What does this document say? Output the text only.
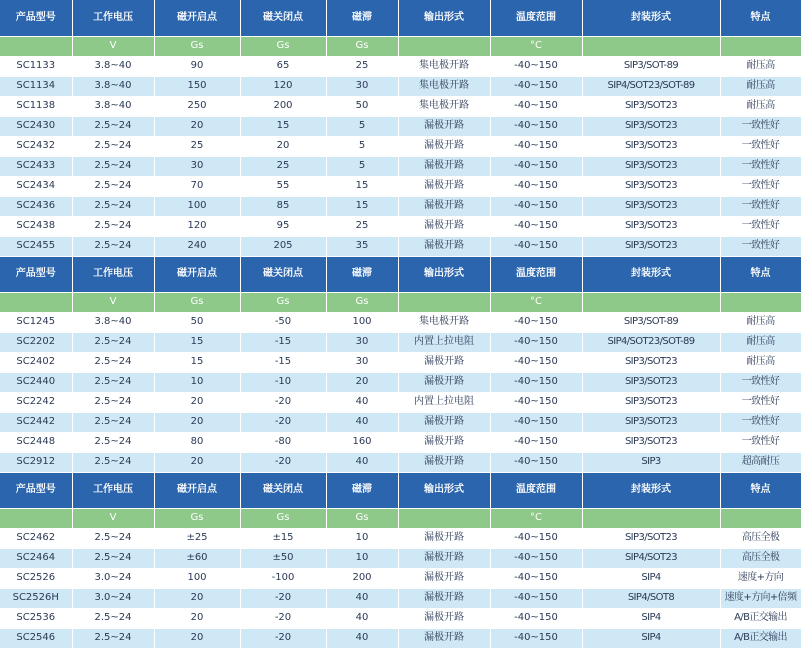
产品型号	工作电压	磁开启点	磁关闭点	磁滞	输出形式	温度范围	封装形式	特点
	V	Gs	Gs	Gs		°C		
SC1133	3.8~40	90	65	25	集电极开路	-40~150	SIP3/SOT-89	耐压高
SC1134	3.8~40	150	120	30	集电极开路	-40~150	SIP4/SOT23/SOT-89	耐压高
SC1138	3.8~40	250	200	50	集电极开路	-40~150	SIP3/SOT23	耐压高
SC2430	2.5~24	20	15	5	漏极开路	-40~150	SIP3/SOT23	一致性好
SC2432	2.5~24	25	20	5	漏极开路	-40~150	SIP3/SOT23	一致性好
SC2433	2.5~24	30	25	5	漏极开路	-40~150	SIP3/SOT23	一致性好
SC2434	2.5~24	70	55	15	漏极开路	-40~150	SIP3/SOT23	一致性好
SC2436	2.5~24	100	85	15	漏极开路	-40~150	SIP3/SOT23	一致性好
SC2438	2.5~24	120	95	25	漏极开路	-40~150	SIP3/SOT23	一致性好
SC2455	2.5~24	240	205	35	漏极开路	-40~150	SIP3/SOT23	一致性好
产品型号	工作电压	磁开启点	磁关闭点	磁滞	输出形式	温度范围	封装形式	特点
	V	Gs	Gs	Gs		°C		
SC1245	3.8~40	50	-50	100	集电极开路	-40~150	SIP3/SOT-89	耐压高
SC2202	2.5~24	15	-15	30	内置上拉电阻	-40~150	SIP4/SOT23/SOT-89	耐压高
SC2402	2.5~24	15	-15	30	漏极开路	-40~150	SIP3/SOT23	耐压高
SC2440	2.5~24	10	-10	20	漏极开路	-40~150	SIP3/SOT23	一致性好
SC2242	2.5~24	20	-20	40	内置上拉电阻	-40~150	SIP3/SOT23	一致性好
SC2442	2.5~24	20	-20	40	漏极开路	-40~150	SIP3/SOT23	一致性好
SC2448	2.5~24	80	-80	160	漏极开路	-40~150	SIP3/SOT23	一致性好
SC2912	2.5~24	20	-20	40	漏极开路	-40~150	SIP3	超高耐压
产品型号	工作电压	磁开启点	磁关闭点	磁滞	输出形式	温度范围	封装形式	特点
	V	Gs	Gs	Gs		°C		
SC2462	2.5~24	±25	±15	10	漏极开路	-40~150	SIP3/SOT23	高压全极
SC2464	2.5~24	±60	±50	10	漏极开路	-40~150	SIP4/SOT23	高压全极
SC2526	3.0~24	100	-100	200	漏极开路	-40~150	SIP4	速度+方向
SC2526H	3.0~24	20	-20	40	漏极开路	-40~150	SIP4/SOT8	速度+方向+倍频
SC2536	2.5~24	20	-20	40	漏极开路	-40~150	SIP4	A/B正交输出
SC2546	2.5~24	20	-20	40	漏极开路	-40~150	SIP4	A/B正交输出
